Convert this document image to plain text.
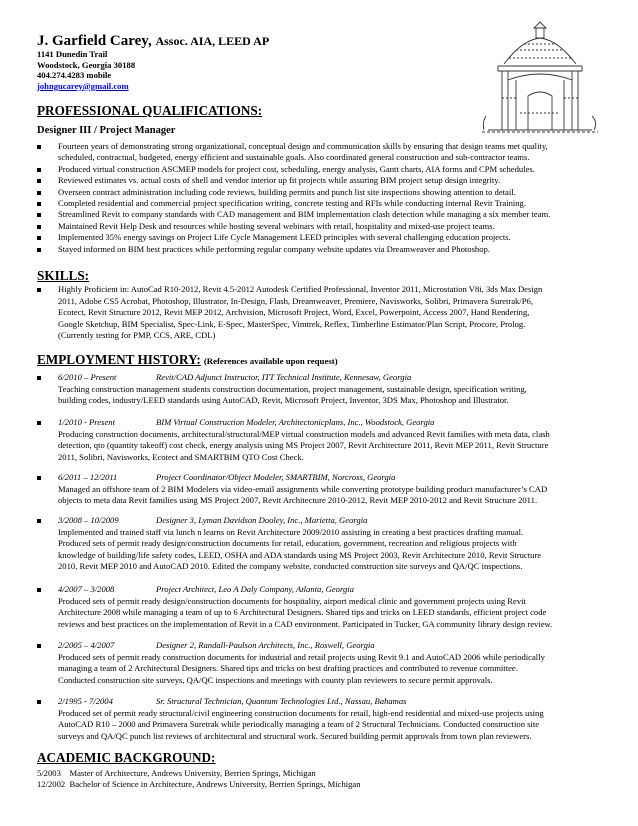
J. Garfield Carey, Assoc. AIA, LEED AP
1141 Dunedin Trail
Woodstock, Georgia 30188
404.274.4283 mobile
johngucarey@gmail.com
PROFESSIONAL QUALIFICATIONS:
Designer III / Project Manager
Fourteen years of demonstrating strong organizational, conceptual design and communication skills by ensuring that design teams met quality,
scheduled, contractual, budgeted, energy efficient and sustainable goals. Also coordinated general construction and sub-contractor teams.
Produced virtual construction ASCMEP models for project cost, scheduling, energy analysis, Gantt charts, AIA forms and CPM schedules.
Reviewed estimates vs. actual costs of shell and vendor interior up fit projects while assuring BIM project setup design integrity.
Overseen contract administration including code reviews, building permits and punch list site inspections showing attention to detail.
Completed residential and commercial project specification writing, concrete testing and RFIs while conducting internal Revit Training.
Streamlined Revit to company standards with CAD management and BIM implementation clash detection while managing a six member team.
Maintained Revit Help Desk and resources while hosting several webinars with retail, hospitality and mixed-use project teams.
Implemented 35% energy savings on Project Life Cycle Management LEED principles with several challenging education projects.
Stayed informed on BIM best practices while performing regular company website updates via Dreamweaver and Photoshop.
SKILLS:
Highly Proficient in: AutoCad R10-2012, Revit 4.5-2012 Autodesk Certified Professional, Inventor 2011, Microstation V8i, 3ds Max Design
2011, Adobe CS5 Acrobat, Photoshop, Illustrator, In-Design, Flash, Dreamweaver, Premiere, Navisworks, Solibri, Primavera Suretrak/P6,
Ecotect, Revit Structure 2012, Revit MEP 2012, Archvision, Microsoft Project, Word, Excel, Powerpoint, Access 2007, Hand Rendering,
Google Sketchup, BIM Specialist, Spec-Link, E-Spec, MasterSpec, Vimtrek, Reflex, Timberline Estimator/Plan Script, Procore, Prolog.
(Currently testing for PMP, CCS, ARE, CDL)
EMPLOYMENT HISTORY: (References available upon request)
6/2010 – Present	Revit/CAD Adjunct Instructor, ITT Technical Institute, Kennesaw, Georgia
Teaching construction management students construction documentation, project management, sustainable design, specification writing,
building codes, industry/LEED standards using AutoCAD, Revit, Microsoft Project, Inventor, 3DS Max, Photoshop and Illustrator.
1/2010 - Present	BIM Virtual Construction Modeler, Architectonicplans, Inc., Woodstock, Georgia
Producing construction documents, architectural/structural/MEP virtual construction models and advanced Revit families with meta data, clash
detection, qto (quantity takeoff) cost check, energy analysis using MS Project 2007, Revit Architecture 2011, Revit MEP 2011, Revit Structure
2011, Solibri, Navisworks, Ecotect and SMARTBIM QTO Cost Check.
6/2011 – 12/2011	Project Coordinator/Object Modeler, SMARTBIM, Norcross, Georgia
Managed an offshore team of 2 BIM Modelers via video-email assignments while converting prototype building product manufacturer’s CAD
objects to meta data Revit families using MS Project 2007, Revit Architecture 2010-2012, Revit MEP 2010-2012 and Revit Structure 2011.
3/2008 – 10/2009	Designer 3, Lyman Davidson Dooley, Inc., Marietta, Georgia
Implemented and trained staff via lunch n learns on Revit Architecture 2009/2010 assisting in creating a best practices drafting manual.
Produced sets of permit ready design/construction documents for retail, education, government, recreation and religious projects with
knowledge of building/life safety codes, LEED, OSHA and ADA standards using MS Project 2003, Revit Architecture 2010, Revit Structure
2010, Revit MEP 2010 and AutoCAD 2010. Edited the company website, conducted construction site surveys and QA/QC inspections.
4/2007 – 3/2008	Project Architect, Leo A Daly Company, Atlanta, Georgia
Produced sets of permit ready design/construction documents for hospitality, airport medical clinic and government projects using Revit
Architecture 2008 while managing a team of up to 6 Architectural Designers. Shared tips and tricks on LEED standards, efficient project code
reviews and best practices on the implementation of Revit in a CAD environment. Participated in Tucker, GA community library design review.
2/2005 – 4/2007	Designer 2, Randall-Paulson Architects, Inc., Roswell, Georgia
Produced sets of permit ready construction documents for industrial and retail projects using Revit 9.1 and AutoCAD 2006 while periodically
managing a team of 2 Architectural Designers. Shared tips and tricks on best drafting practices and contributed to revenue committee.
Conducted construction site surveys, QA/QC inspections and meetings with county plan reviewers to secure permit approvals.
2/1995 - 7/2004	Sr. Structural Technician, Quantum Technologies Ltd., Nassau, Bahamas
Produced set of permit ready structural/civil engineering construction documents for retail, high-end residential and mixed-use projects using
AutoCAD R10 – 2000 and Primavera Suretrak while periodically managing a team of 2 Structural Technicians. Conducted construction site
surveys and QA/QC punch list reviews of architectural and structural work. Secured building permit approvals from town plan reviewers.
ACADEMIC BACKGROUND:
5/2003    Master of Architecture, Andrews University, Berrien Springs, Michigan
12/2002  Bachelor of Science in Architecture, Andrews University, Berrien Springs, Michigan
